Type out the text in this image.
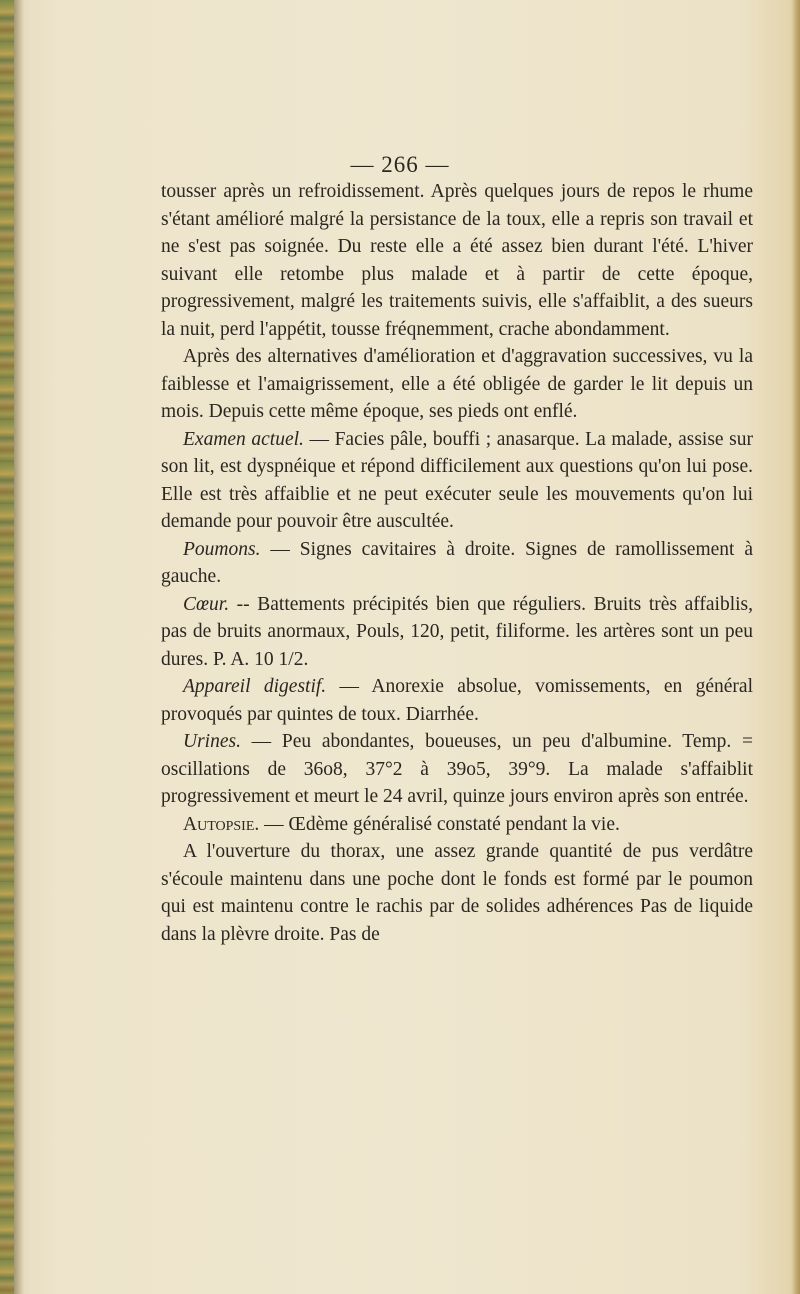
— 266 —

tousser après un refroidissement. Après quelques jours de repos le rhume s'étant amélioré malgré la persistance de la toux, elle a repris son travail et ne s'est pas soignée. Du reste elle a été assez bien durant l'été. L'hiver suivant elle retombe plus malade et à partir de cette époque, progressivement, malgré les traitements suivis, elle s'affaiblit, a des sueurs la nuit, perd l'appétit, tousse fréqnemment, crache abondamment.

Après des alternatives d'amélioration et d'aggravation successives, vu la faiblesse et l'amaigrissement, elle a été obligée de garder le lit depuis un mois. Depuis cette même époque, ses pieds ont enflé.

Examen actuel. — Facies pâle, bouffi ; anasarque. La malade, assise sur son lit, est dyspnéique et répond difficilement aux questions qu'on lui pose. Elle est très affaiblie et ne peut exécuter seule les mouvements qu'on lui demande pour pouvoir être auscultée.

Poumons. — Signes cavitaires à droite. Signes de ramollissement à gauche.

Cœur. -- Battements précipités bien que réguliers. Bruits très affaiblis, pas de bruits anormaux, Pouls, 120, petit, filiforme. les artères sont un peu dures. P. A. 10 1/2.

Appareil digestif. — Anorexie absolue, vomissements, en général provoqués par quintes de toux. Diarrhée.

Urines. — Peu abondantes, boueuses, un peu d'albumine. Temp. = oscillations de 36o8, 37°2 à 39o5, 39°9. La malade s'affaiblit progressivement et meurt le 24 avril, quinze jours environ après son entrée.

Autopsie. — Œdème généralisé constaté pendant la vie.

A l'ouverture du thorax, une assez grande quantité de pus verdâtre s'écoule maintenu dans une poche dont le fonds est formé par le poumon qui est maintenu contre le rachis par de solides adhérences Pas de liquide dans la plèvre droite. Pas de
